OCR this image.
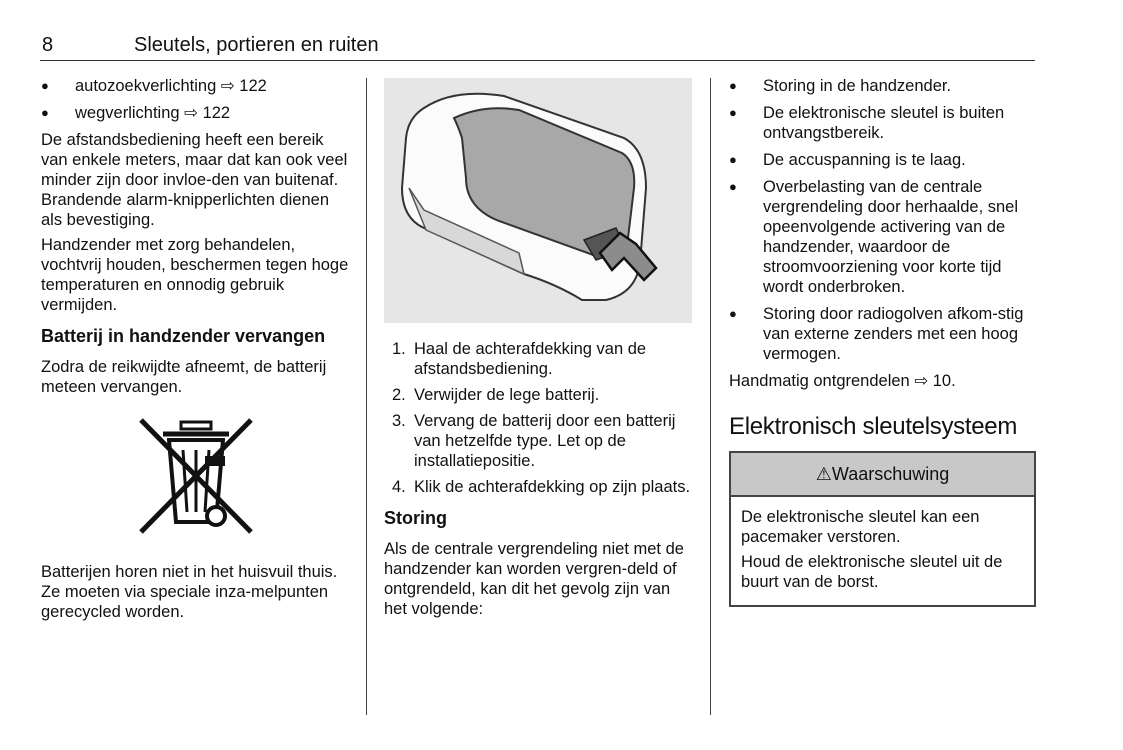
8	Sleutels, portieren en ruiten
● autozoekverlichting ⇨ 122
● wegverlichting ⇨ 122

De afstandsbediening heeft een bereik van enkele meters, maar dat kan ook veel minder zijn door invloe-den van buitenaf. Brandende alarm-knipperlichten dienen als bevestiging.

Handzender met zorg behandelen, vochtvrij houden, beschermen tegen hoge temperaturen en onnodig gebruik vermijden.

Batterij in handzender vervangen

Zodra de reikwijdte afneemt, de batterij meteen vervangen.

Batterijen horen niet in het huisvuil thuis. Ze moeten via speciale inza-melpunten gerecycled worden.

1. Haal de achterafdekking van de afstandsbediening.
2. Verwijder de lege batterij.
3. Vervang de batterij door een batterij van hetzelfde type. Let op de installatiepositie.
4. Klik de achterafdekking op zijn plaats.
Storing

Als de centrale vergrendeling niet met de handzender kan worden vergren-deld of ontgrendeld, kan dit het gevolg zijn van het volgende:

● Storing in de handzender.
● De elektronische sleutel is buiten ontvangstbereik.
● De accuspanning is te laag.
● Overbelasting van de centrale vergrendeling door herhaalde, snel opeenvolgende activering van de handzender, waardoor de stroomvoorziening voor korte tijd wordt onderbroken.
● Storing door radiogolven afkom-stig van externe zenders met een hoog vermogen.

Handmatig ontgrendelen ⇨ 10.

Elektronisch sleutelsysteem
⚠ Waarschuwing

De elektronische sleutel kan een pacemaker verstoren.

Houd de elektronische sleutel uit de buurt van de borst.
